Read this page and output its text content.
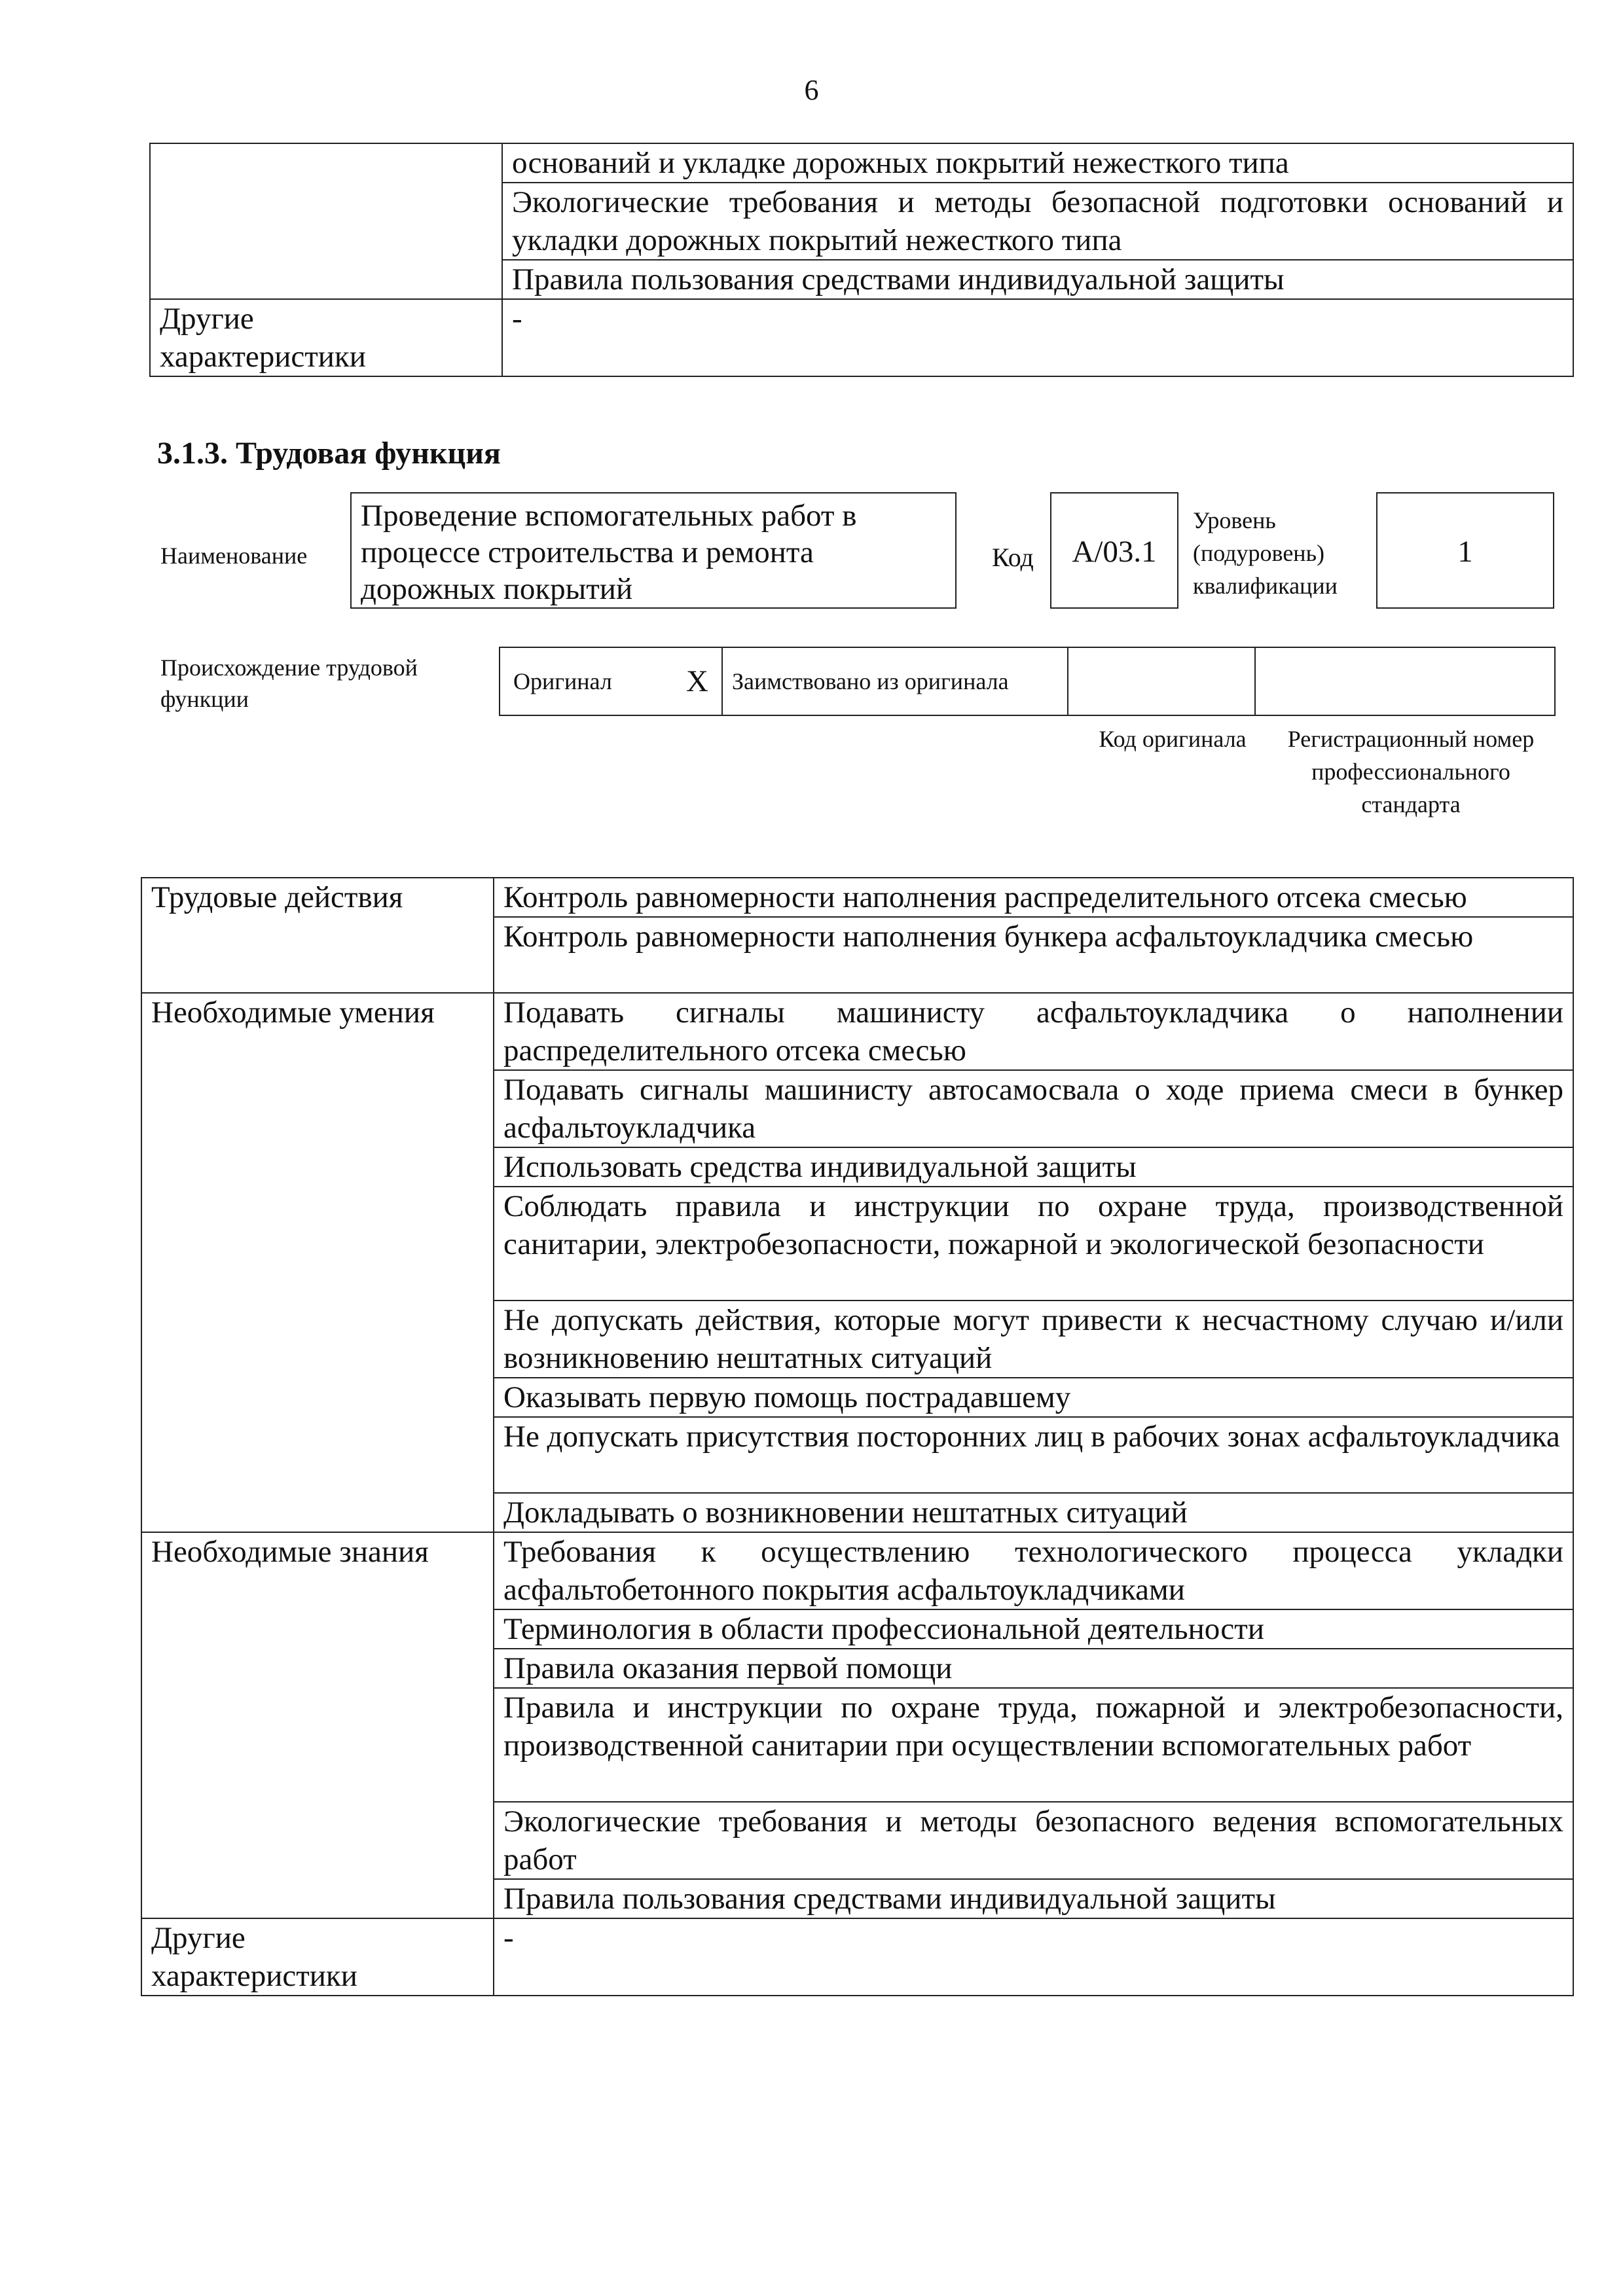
6
	оснований и укладке дорожных покрытий нежесткого типа
	Экологические требования и методы безопасной подготовки оснований и укладки дорожных покрытий нежесткого типа
	Правила пользования средствами индивидуальной защиты
Другие характеристики	-
3.1.3. Трудовая функция
Наименование
Проведение вспомогательных работ в процессе строительства и ремонта дорожных покрытий
Код	А/03.1
Уровень (подуровень) квалификации
1
Происхождение трудовой функции
Оригинал X	Заимствовано из оригинала		
Код оригинала	Регистрационный номер профессионального стандарта
Трудовые действия	Контроль равномерности наполнения распределительного отсека смесью
	Контроль равномерности наполнения бункера асфальтоукладчика смесью
Необходимые умения	Подавать сигналы машинисту асфальтоукладчика о наполнении распределительного отсека смесью
	Подавать сигналы машинисту автосамосвала о ходе приема смеси в бункер асфальтоукладчика
	Использовать средства индивидуальной защиты
	Соблюдать правила и инструкции по охране труда, производственной санитарии, электробезопасности, пожарной и экологической безопасности
	Не допускать действия, которые могут привести к несчастному случаю и/или возникновению нештатных ситуаций
	Оказывать первую помощь пострадавшему
	Не допускать присутствия посторонних лиц в рабочих зонах асфальтоукладчика
	Докладывать о возникновении нештатных ситуаций
Необходимые знания	Требования к осуществлению технологического процесса укладки асфальтобетонного покрытия асфальтоукладчиками
	Терминология в области профессиональной деятельности
	Правила оказания первой помощи
	Правила и инструкции по охране труда, пожарной и электробезопасности, производственной санитарии при осуществлении вспомогательных работ
	Экологические требования и методы безопасного ведения вспомогательных работ
	Правила пользования средствами индивидуальной защиты
Другие характеристики	-
